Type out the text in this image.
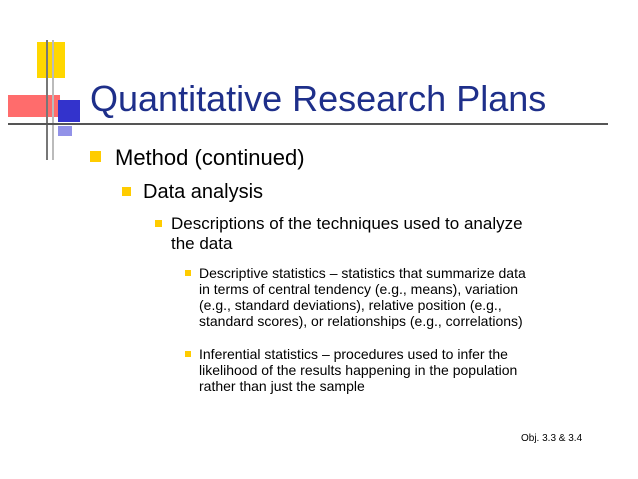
Quantitative Research Plans
Method (continued)
Data analysis
Descriptions of the techniques used to analyze
the data
Descriptive statistics – statistics that summarize data
in terms of central tendency (e.g., means), variation
(e.g., standard deviations), relative position (e.g.,
standard scores), or relationships (e.g., correlations)
Inferential statistics – procedures used to infer the
likelihood of the results happening in the population
rather than just the sample
Obj. 3.3 & 3.4
